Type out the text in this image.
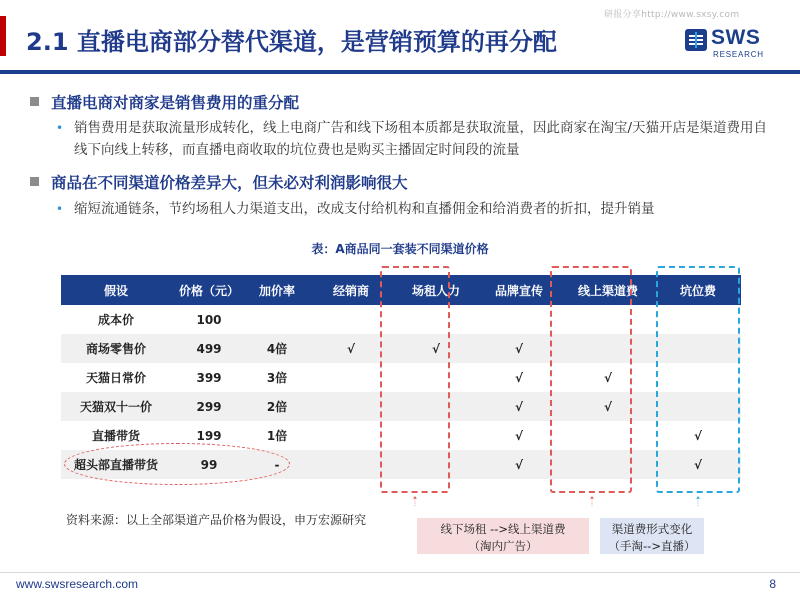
研报分享http://www.sxsy.com
2.1 直播电商部分替代渠道，是营销预算的再分配	SWS
RESEARCH
直播电商对商家是销售费用的重分配
• 销售费用是获取流量形成转化，线上电商广告和线下场租本质都是获取流量，因此商家在淘宝/天猫开店是渠道费用自线下向线上转移，而直播电商收取的坑位费也是购买主播固定时间段的流量
商品在不同渠道价格差异大，但未必对利润影响很大
• 缩短流通链条，节约场租人力渠道支出，改成支付给机构和直播佣金和给消费者的折扣，提升销量
表：A商品同一套装不同渠道价格
假设	价格（元）	加价率	经销商	场租人力	品牌宣传	线上渠道费	坑位费
成本价	100						
商场零售价	499	4倍	√	√	√		
天猫日常价	399	3倍			√	√	
天猫双十一价	299	2倍			√	√	
直播带货	199	1倍			√		√
超头部直播带货	99	-			√		√
资料来源：以上全部渠道产品价格为假设，申万宏源研究
线下场租 -->线上渠道费
（淘内广告）
渠道费形式变化
（手淘-->直播）
www.swsresearch.com	8
